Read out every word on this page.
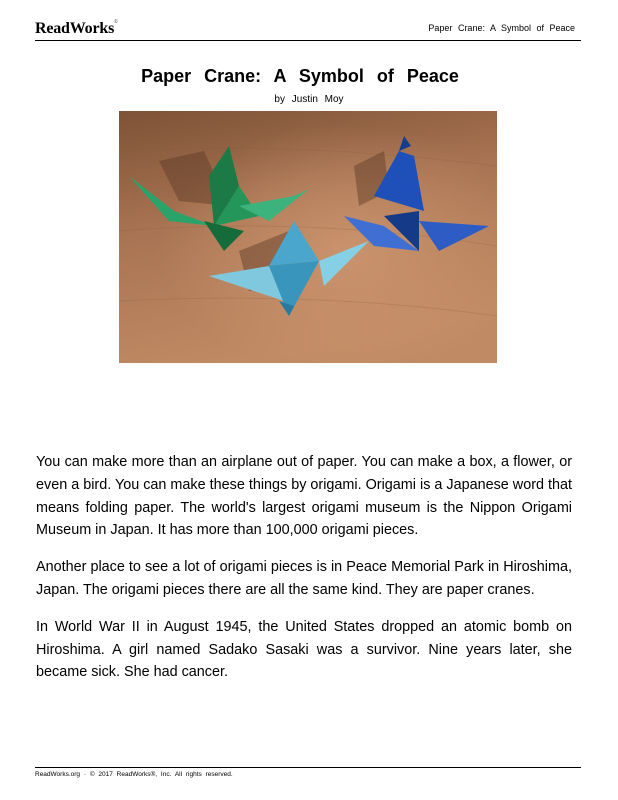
ReadWorks©
Paper Crane: A Symbol of Peace
Paper Crane: A Symbol of Peace
by Justin Moy

You can make more than an airplane out of paper. You can make a box, a flower, or even a bird. You can make these things by origami. Origami is a Japanese word that means folding paper. The world's largest origami museum is the Nippon Origami Museum in Japan. It has more than 100,000 origami pieces.

Another place to see a lot of origami pieces is in Peace Memorial Park in Hiroshima, Japan. The origami pieces there are all the same kind. They are paper cranes.

In World War II in August 1945, the United States dropped an atomic bomb on Hiroshima. A girl named Sadako Sasaki was a survivor. Nine years later, she became sick. She had cancer.

ReadWorks.org · © 2017 ReadWorks®, Inc. All rights reserved.
